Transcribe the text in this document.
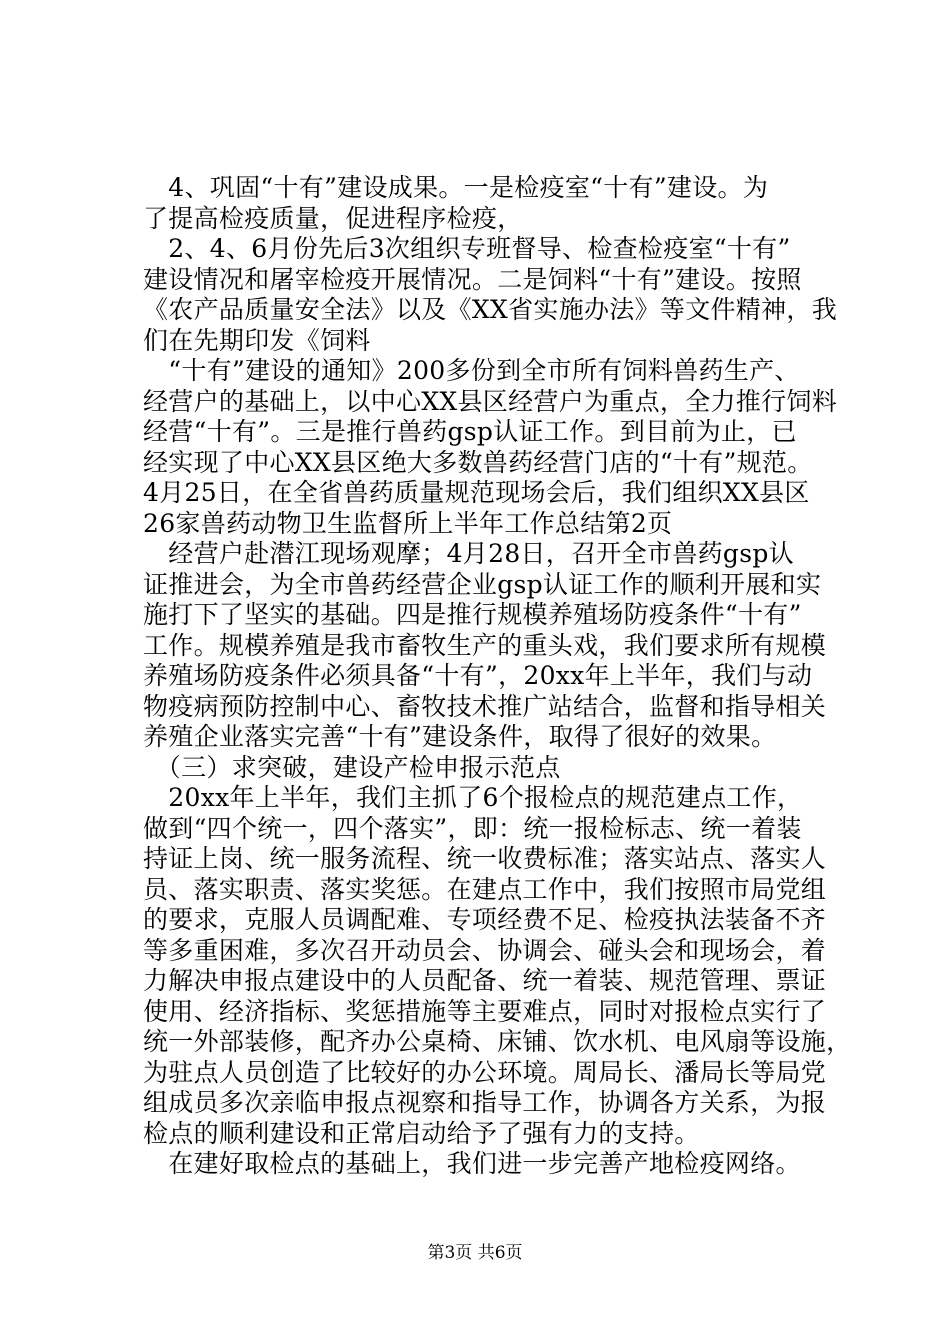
　4、巩固“十有”建设成果。一是检疫室“十有”建设。为
了提高检疫质量，促进程序检疫，
　2、4、6月份先后3次组织专班督导、检查检疫室“十有”
建设情况和屠宰检疫开展情况。二是饲料“十有”建设。按照
《农产品质量安全法》以及《XX省实施办法》等文件精神，我
们在先期印发《饲料
　“十有”建设的通知》200多份到全市所有饲料兽药生产、
经营户的基础上，以中心XX县区经营户为重点，全力推行饲料
经营“十有”。三是推行兽药gsp认证工作。到目前为止，已
经实现了中心XX县区绝大多数兽药经营门店的“十有”规范。
4月25日，在全省兽药质量规范现场会后，我们组织XX县区
26家兽药动物卫生监督所上半年工作总结第2页
　经营户赴潜江现场观摩；4月28日，召开全市兽药gsp认
证推进会，为全市兽药经营企业gsp认证工作的顺利开展和实
施打下了坚实的基础。四是推行规模养殖场防疫条件“十有”
工作。规模养殖是我市畜牧生产的重头戏，我们要求所有规模
养殖场防疫条件必须具备“十有”，20xx年上半年，我们与动
物疫病预防控制中心、畜牧技术推广站结合，监督和指导相关
养殖企业落实完善“十有”建设条件，取得了很好的效果。
　（三）求突破，建设产检申报示范点
　20xx年上半年，我们主抓了6个报检点的规范建点工作，
做到“四个统一，四个落实”，即：统一报检标志、统一着装
持证上岗、统一服务流程、统一收费标准；落实站点、落实人
员、落实职责、落实奖惩。在建点工作中，我们按照市局党组
的要求，克服人员调配难、专项经费不足、检疫执法装备不齐
等多重困难，多次召开动员会、协调会、碰头会和现场会，着
力解决申报点建设中的人员配备、统一着装、规范管理、票证
使用、经济指标、奖惩措施等主要难点，同时对报检点实行了
统一外部装修，配齐办公桌椅、床铺、饮水机、电风扇等设施，
为驻点人员创造了比较好的办公环境。周局长、潘局长等局党
组成员多次亲临申报点视察和指导工作，协调各方关系，为报
检点的顺利建设和正常启动给予了强有力的支持。
　在建好取检点的基础上，我们进一步完善产地检疫网络。
第3页 共6页
